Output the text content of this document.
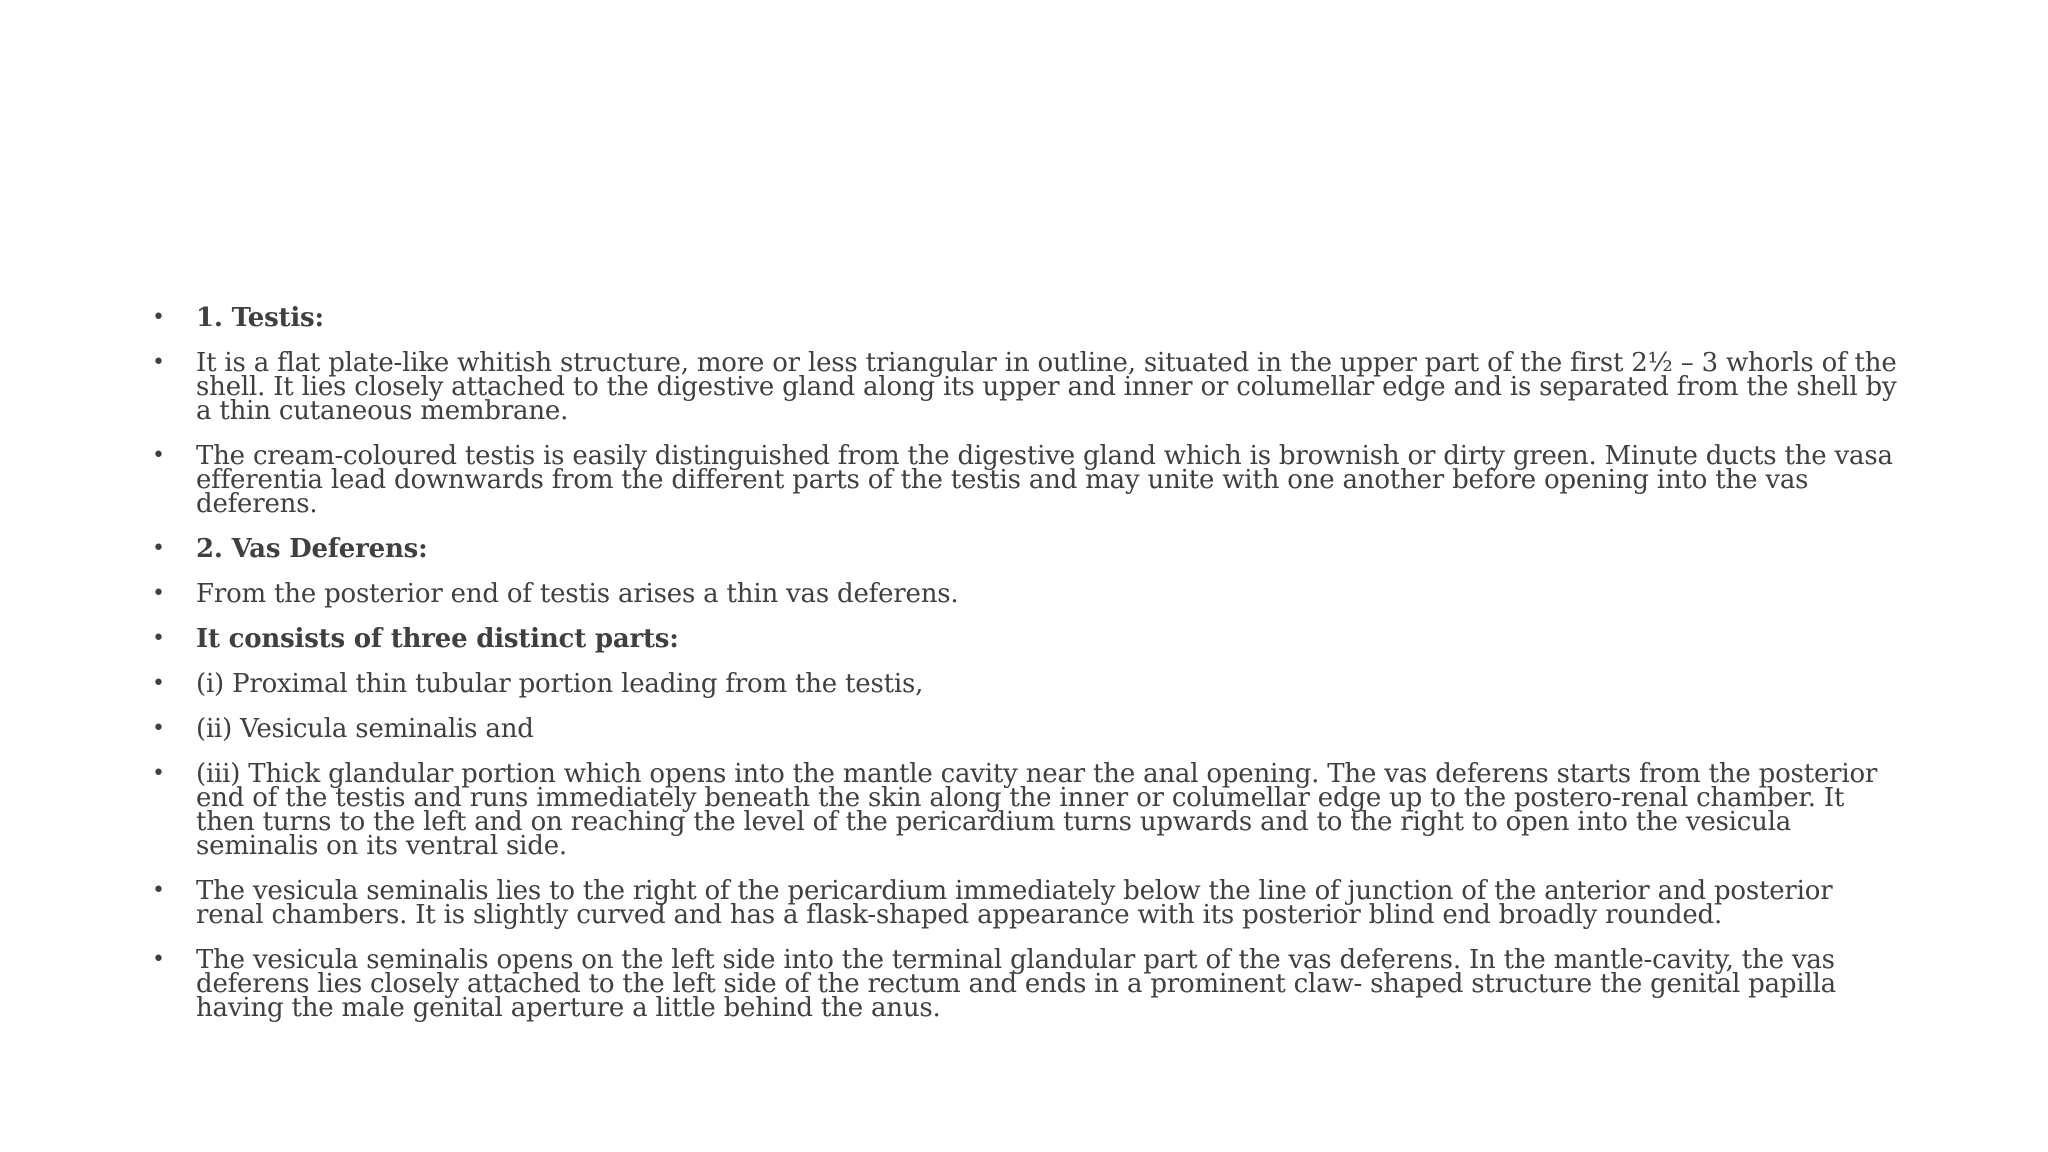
• 1. Testis:
• It is a flat plate-like whitish structure, more or less triangular in outline, situated in the upper part of the first 2½ – 3 whorls of the shell. It lies closely attached to the digestive gland along its upper and inner or columellar edge and is separated from the shell by a thin cutaneous membrane.
• The cream-coloured testis is easily distinguished from the digestive gland which is brownish or dirty green. Minute ducts the vasa efferentia lead downwards from the different parts of the testis and may unite with one another before opening into the vas deferens.
• 2. Vas Deferens:
• From the posterior end of testis arises a thin vas deferens.
• It consists of three distinct parts:
• (i) Proximal thin tubular portion leading from the testis,
• (ii) Vesicula seminalis and
• (iii) Thick glandular portion which opens into the mantle cavity near the anal opening. The vas deferens starts from the posterior end of the testis and runs immediately beneath the skin along the inner or columellar edge up to the postero-renal chamber. It then turns to the left and on reaching the level of the pericardium turns upwards and to the right to open into the vesicula seminalis on its ventral side.
• The vesicula seminalis lies to the right of the pericardium immediately below the line of junction of the anterior and posterior renal chambers. It is slightly curved and has a flask-shaped appearance with its posterior blind end broadly rounded.
• The vesicula seminalis opens on the left side into the terminal glandular part of the vas deferens. In the mantle-cavity, the vas deferens lies closely attached to the left side of the rectum and ends in a prominent claw- shaped structure the genital papilla having the male genital aperture a little behind the anus.
